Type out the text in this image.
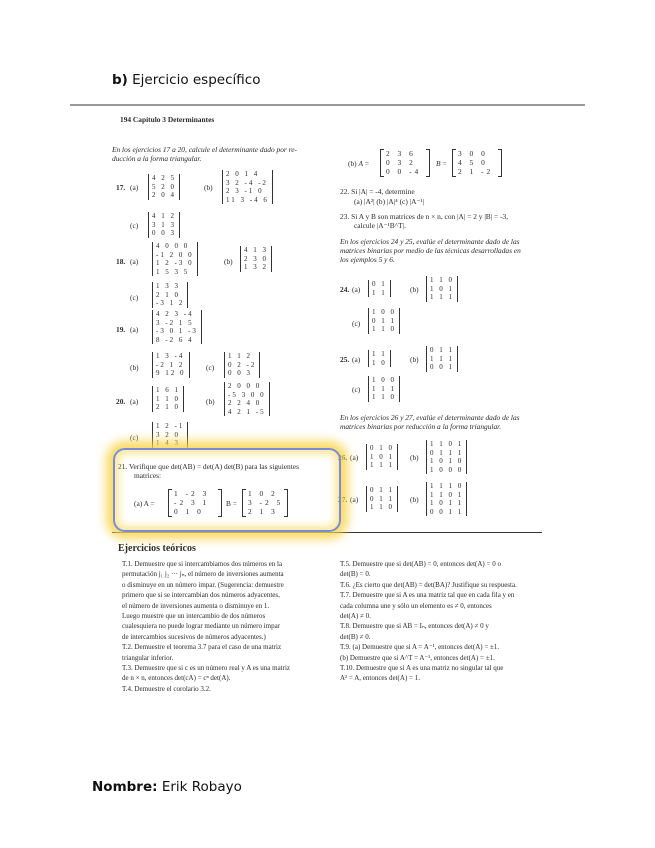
b) Ejercicio específico
194 Capítulo 3 Determinantes
En los ejercicios 17 a 20, calcule el determinante dado por re-
ducción a la forma triangular.
17. (a)
4 2 5
5 2 0
2 0 4
(b)
2 0 1 4
3 2 -4 -2
2 3 -1 0
11 3 -4 6
(c)
4 1 2
3 1 3
0 0 3
18. (a)
4 0 0 0
-1 2 0 0
1 2 -3 0
1 5 3 5
(b)
4 1 3
2 3 0
1 3 2
(c)
1 3 3
2 1 0
-3 1 2
19.
4 2 3 -4
3 -2 1 5
-3 0 1 -3
8 -2 6 4
(a)
(b)
1 3 -4
-2 1 2
9 12 0
(c)
1 1 2
0 2 -2
0 0 3
20. (a)
1 6 1
1 1 0
2 1 0
(b)
2 0 0 0
-5 3 0 0
2 2 4 0
4 2 1 -5
(c)
1 2 -1
3 2 0
1 4 3
21. Verifique que det(AB) = det(A) det(B) para las siguientes
matrices:
(a) A =
1 -2 3
-2 3 1
0 1 0
B =
1 0 2
3 -2 5
2 1 3
(b) A =
2 3 6
0 3 2
0 0 -4
B =
3 0 0
4 5 0
2 1 -2
22. Si |A| = -4, determine
(a) |A²| (b) |A|⁴ (c) |A⁻¹|
23. Si A y B son matrices de n × n, con |A| = 2 y |B| = -3,
calcule |A⁻¹B^T|.
En los ejercicios 24 y 25, evalúe el determinante dado de las
matrices binarias por medio de las técnicas desarrolladas en
los ejemplos 5 y 6.
24. (a)
0 1
1 1	(b)
1 1 0
1 0 1
1 1 1
(c)
1 0 0
0 1 1
1 1 0
25. (a)
1 1
1 0	(b)
0 1 1
1 1 1
0 0 1
(c)
1 0 0
1 1 1
1 1 0
En los ejercicios 26 y 27, evalúe el determinante dado de las
matrices binarias por reducción a la forma triangular.
26. (a)
0 1 0
1 0 1
1 1 1
(b)
1 1 0 1
0 1 1 1
1 0 1 0
1 0 0 0
27. (a)
0 1 1
0 1 1
1 1 0
(b)
1 1 1 0
1 1 0 1
1 0 1 1
0 0 1 1
Ejercicios teóricos
T.1. Demuestre que si intercambiamos dos números en la
permutación j₁ j₂ ··· jₙ, el número de inversiones aumenta
o disminuye en un número impar. (Sugerencia: demuestre
primero que si se intercambian dos números adyacentes,
el número de inversiones aumenta o disminuye en 1.
Luego muestre que un intercambio de dos números
cualesquiera no puede lograr mediante un número impar
de intercambios sucesivos de números adyacentes.)
T.2. Demuestre el teorema 3.7 para el caso de una matriz
triangular inferior.
T.3. Demuestre que si c es un número real y A es una matriz
de n × n, entonces det(cA) = cⁿ det(A).
T.4. Demuestre el corolario 3.2.
T.5. Demuestre que si det(AB) = 0, entonces det(A) = 0 o
det(B) = 0.
T.6. ¿Es cierto que det(AB) = det(BA)? Justifique su respuesta.
T.7. Demuestre que si A es una matriz tal que en cada fila y en
cada columna une y sólo un elemento es ≠ 0, entonces
det(A) ≠ 0.
T.8. Demuestre que si AB = Iₙ, entonces det(A) ≠ 0 y
det(B) ≠ 0.
T.9. (a) Demuestre que si A = A⁻¹, entonces det(A) = ±1.
(b) Demuestre que si A^T = A⁻¹, entonces det(A) = ±1.
T.10. Demuestre que si A es una matriz no singular tal que
A² = A, entonces det(A) = 1.
Nombre: Erik Robayo
